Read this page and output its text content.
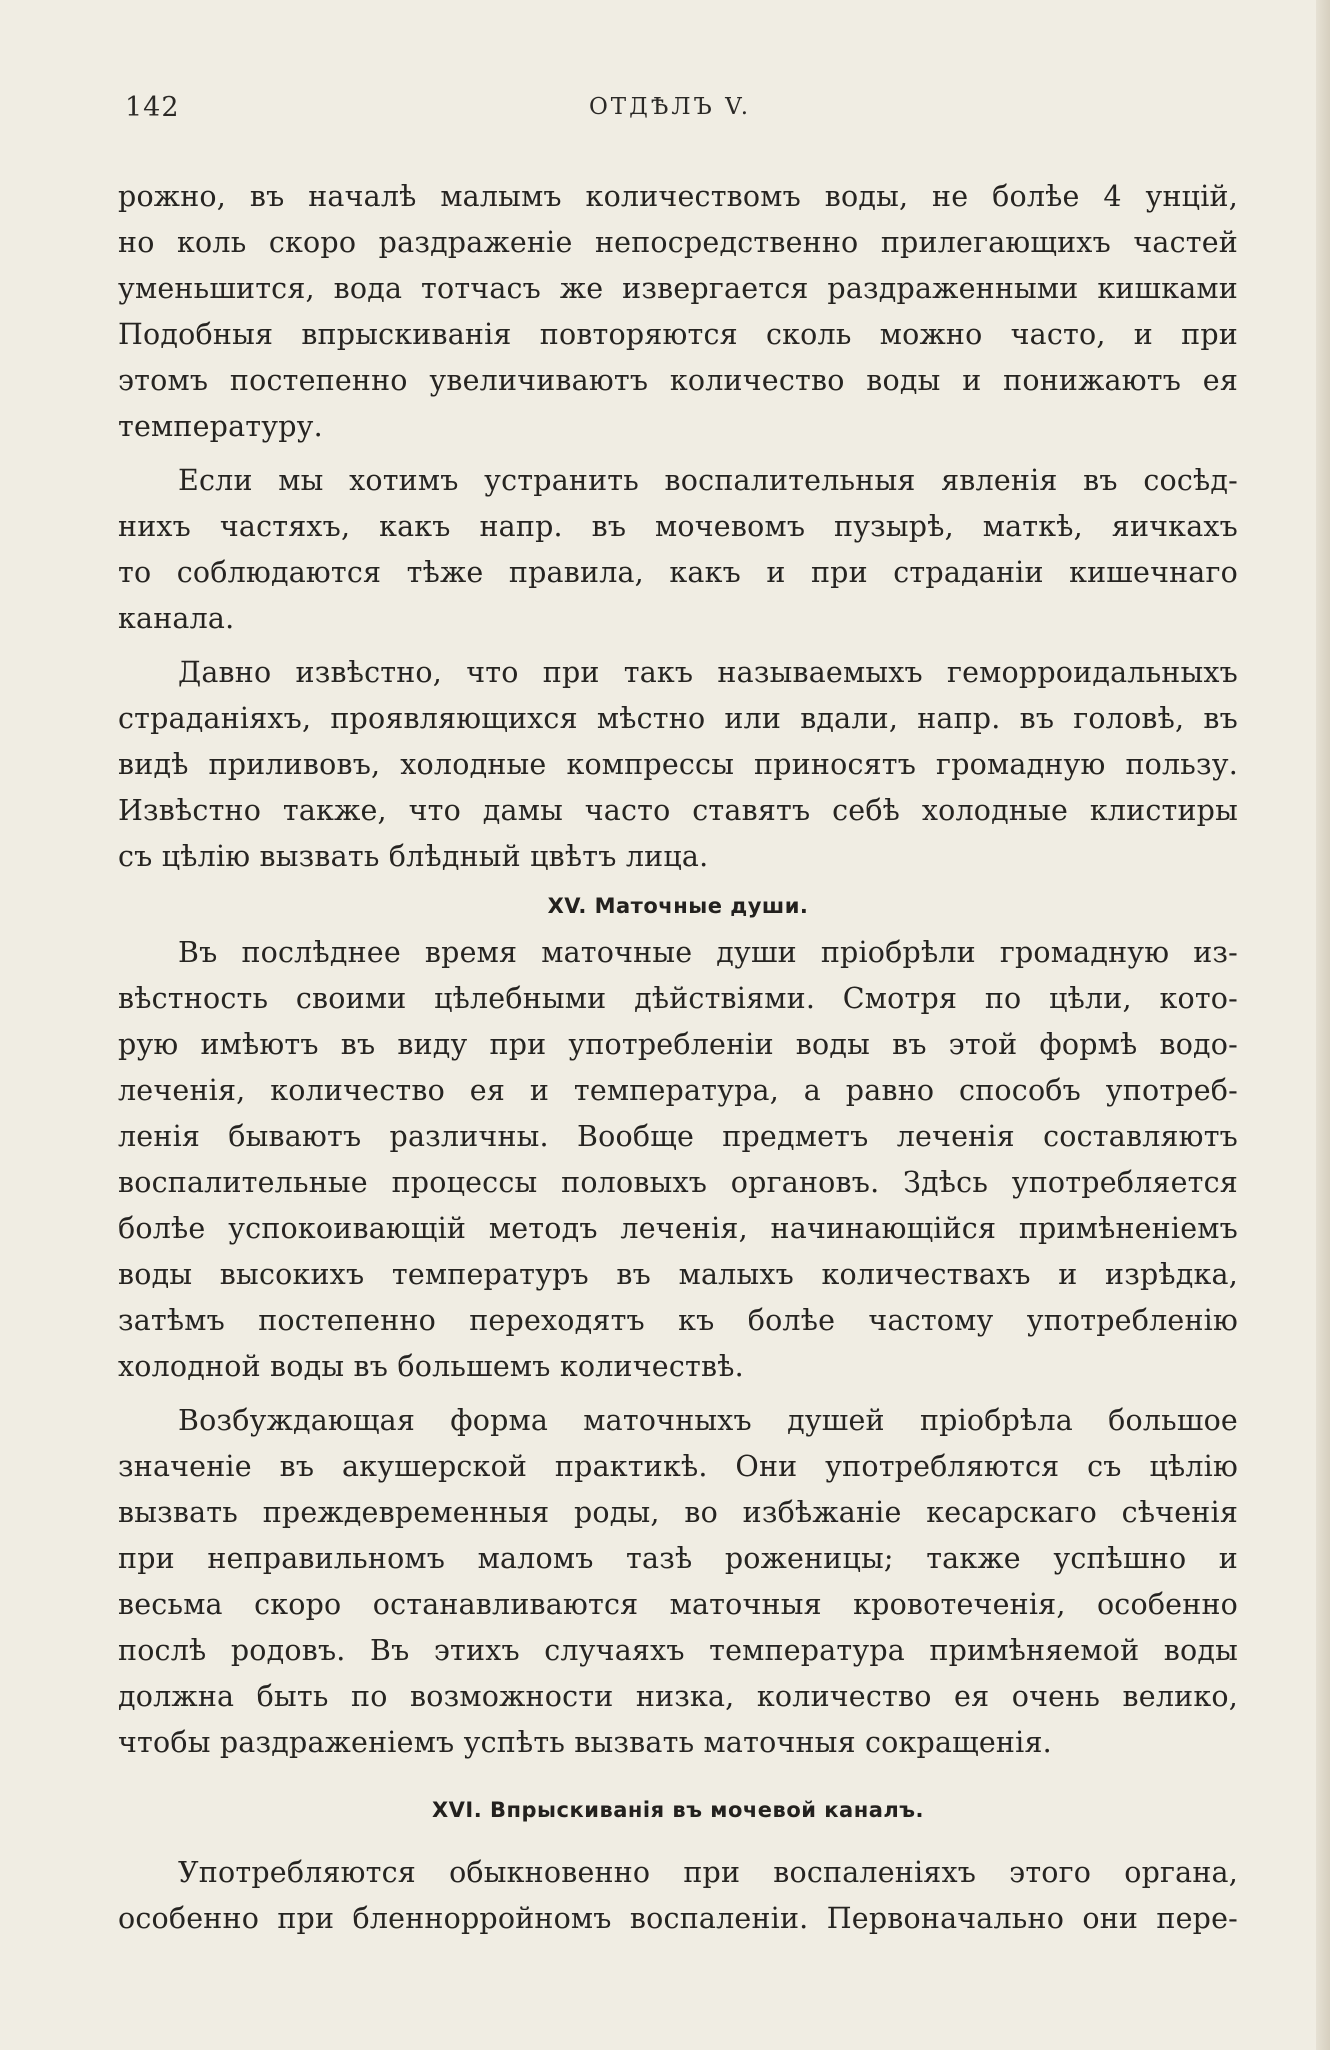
142	ОТДѢЛЪ V.
рожно, въ началѣ малымъ количествомъ воды, не болѣе 4 унцій,
но коль скоро раздраженіе непосредственно прилегающихъ частей
уменьшится, вода тотчасъ же извергается раздраженными кишками
Подобныя впрыскиванія повторяются сколь можно часто, и при
этомъ постепенно увеличиваютъ количество воды и понижаютъ ея
температуру.
Если мы хотимъ устранить воспалительныя явленія въ сосѣд-
нихъ частяхъ, какъ напр. въ мочевомъ пузырѣ, маткѣ, яичкахъ
то соблюдаются тѣже правила, какъ и при страданіи кишечнаго
канала.
Давно извѣстно, что при такъ называемыхъ геморроидальныхъ
страданіяхъ, проявляющихся мѣстно или вдали, напр. въ головѣ, въ
видѣ приливовъ, холодные компрессы приносятъ громадную пользу.
Извѣстно также, что дамы часто ставятъ себѣ холодные клистиры
съ цѣлію вызвать блѣдный цвѣтъ лица.
XV. Маточные души.
Въ послѣднее время маточные души пріобрѣли громадную из-
вѣстность своими цѣлебными дѣйствіями. Смотря по цѣли, кото-
рую имѣютъ въ виду при употребленіи воды въ этой формѣ водо-
леченія, количество ея и температура, а равно способъ употреб-
ленія бываютъ различны. Вообще предметъ леченія составляютъ
воспалительные процессы половыхъ органовъ. Здѣсь употребляется
болѣе успокоивающій методъ леченія, начинающійся примѣненіемъ
воды высокихъ температуръ въ малыхъ количествахъ и изрѣдка,
затѣмъ постепенно переходятъ къ болѣе частому употребленію
холодной воды въ большемъ количествѣ.
Возбуждающая форма маточныхъ душей пріобрѣла большое
значеніе въ акушерской практикѣ. Они употребляются съ цѣлію
вызвать преждевременныя роды, во избѣжаніе кесарскаго сѣченія
при неправильномъ маломъ тазѣ роженицы; также успѣшно и
весьма скоро останавливаются маточныя кровотеченія, особенно
послѣ родовъ. Въ этихъ случаяхъ температура примѣняемой воды
должна быть по возможности низка, количество ея очень велико,
чтобы раздраженіемъ успѣть вызвать маточныя сокращенія.
XVI. Впрыскиванія въ мочевой каналъ.
Употребляются обыкновенно при воспаленіяхъ этого органа,
особенно при бленнорройномъ воспаленіи. Первоначально они пере-
